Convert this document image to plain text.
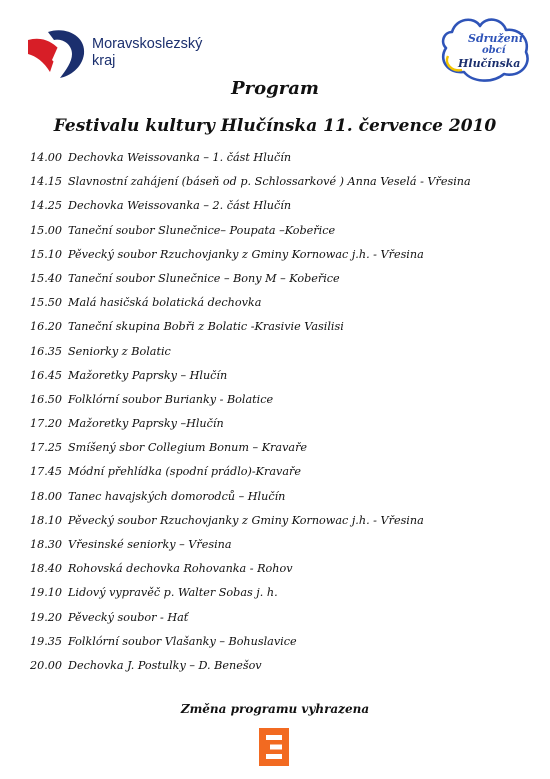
Moravskoslezský
kraj
Sdružení
obcí
Hlučínska
Program
Festivalu kultury Hlučínska 11. července 2010
14.00 Dechovka Weissovanka – 1. část Hlučín
14.15 Slavnostní zahájení (báseň od p. Schlossarkové ) Anna Veselá - Vřesina
14.25 Dechovka Weissovanka – 2. část Hlučín
15.00 Taneční soubor Slunečnice– Poupata –Kobeřice
15.10 Pěvecký soubor Rzuchovjanky z Gminy Kornowac j.h. - Vřesina
15.40 Taneční soubor Slunečnice – Bony M – Kobeřice
15.50 Malá hasičská bolatická dechovka
16.20 Taneční skupina Bobři z Bolatic -Krasivie Vasilisi
16.35 Seniorky z Bolatic
16.45 Mažoretky Paprsky – Hlučín
16.50 Folklórní soubor Burianky - Bolatice
17.20 Mažoretky Paprsky –Hlučín
17.25 Smíšený sbor Collegium Bonum – Kravaře
17.45 Módní přehlídka (spodní prádlo)-Kravaře
18.00 Tanec havajských domorodců – Hlučín
18.10 Pěvecký soubor Rzuchovjanky z Gminy Kornowac j.h. - Vřesina
18.30 Vřesinské seniorky – Vřesina
18.40 Rohovská dechovka Rohovanka - Rohov
19.10 Lidový vypravěč p. Walter Sobas j. h.
19.20 Pěvecký soubor - Hať
19.35 Folklórní soubor Vlašanky – Bohuslavice
20.00 Dechovka J. Postulky – D. Benešov
Změna programu vyhrazena
